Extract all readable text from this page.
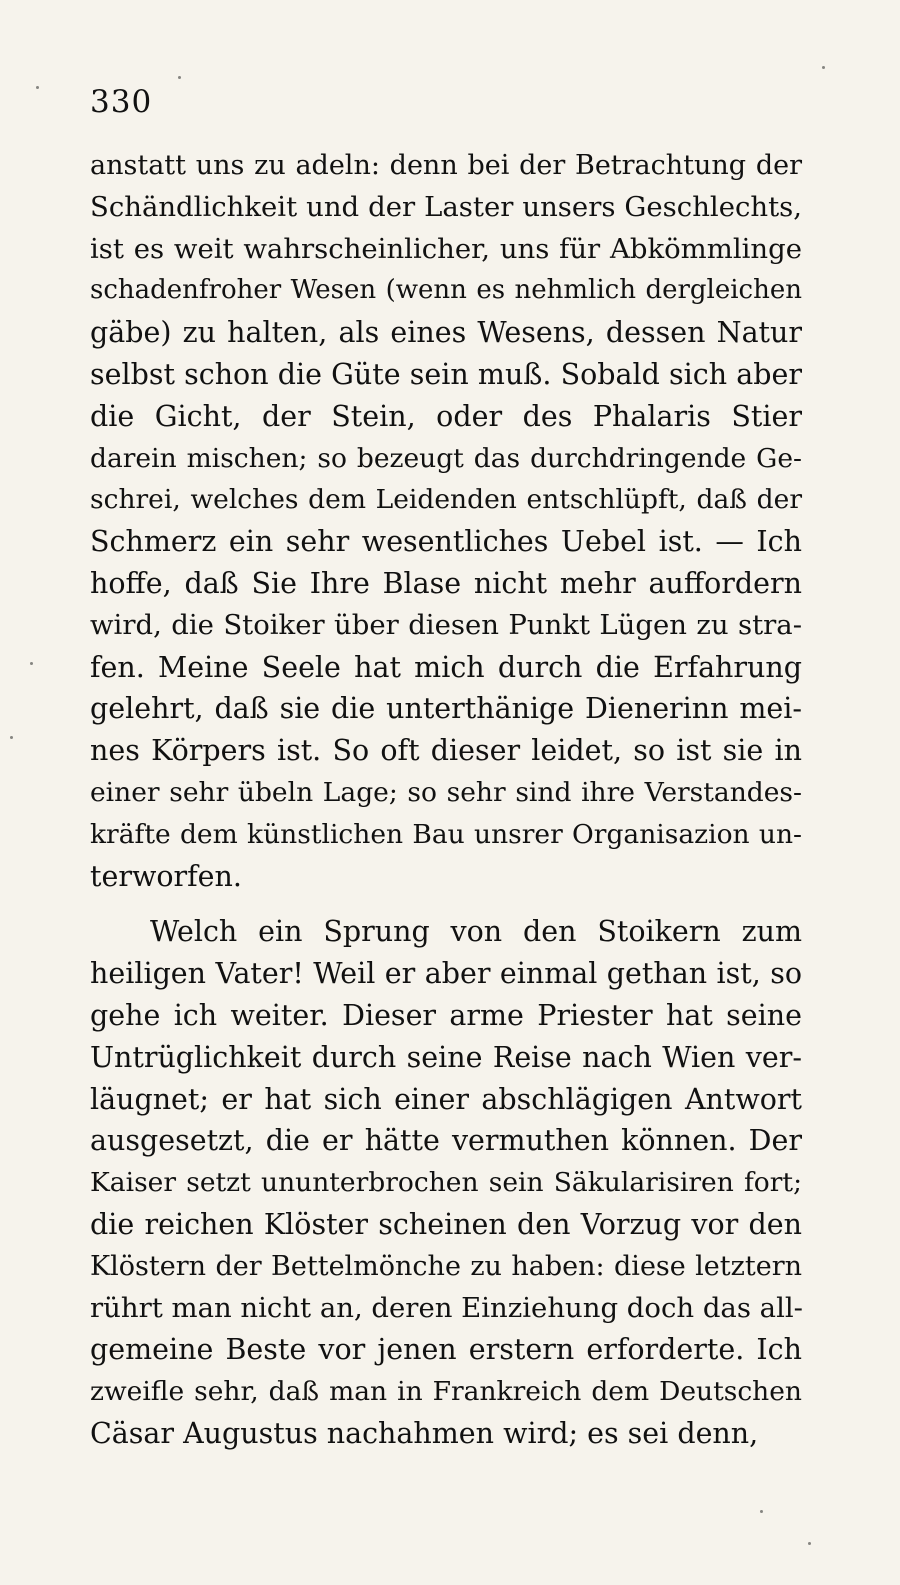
330
anstatt uns zu adeln: denn bei der Betrachtung der
Schändlichkeit und der Laster unsers Geschlechts,
ist es weit wahrscheinlicher, uns für Abkömmlinge
schadenfroher Wesen (wenn es nehmlich dergleichen
gäbe) zu halten, als eines Wesens, dessen Natur
selbst schon die Güte sein muß. Sobald sich aber
die Gicht, der Stein, oder des Phalaris Stier
darein mischen; so bezeugt das durchdringende Ge-
schrei, welches dem Leidenden entschlüpft, daß der
Schmerz ein sehr wesentliches Uebel ist. — Ich
hoffe, daß Sie Ihre Blase nicht mehr auffordern
wird, die Stoiker über diesen Punkt Lügen zu stra-
fen. Meine Seele hat mich durch die Erfahrung
gelehrt, daß sie die unterthänige Dienerinn mei-
nes Körpers ist. So oft dieser leidet, so ist sie in
einer sehr übeln Lage; so sehr sind ihre Verstandes-
kräfte dem künstlichen Bau unsrer Organisazion un-
terworfen.
Welch ein Sprung von den Stoikern zum
heiligen Vater! Weil er aber einmal gethan ist, so
gehe ich weiter. Dieser arme Priester hat seine
Untrüglichkeit durch seine Reise nach Wien ver-
läugnet; er hat sich einer abschlägigen Antwort
ausgesetzt, die er hätte vermuthen können. Der
Kaiser setzt ununterbrochen sein Säkularisiren fort;
die reichen Klöster scheinen den Vorzug vor den
Klöstern der Bettelmönche zu haben: diese letztern
rührt man nicht an, deren Einziehung doch das all-
gemeine Beste vor jenen erstern erforderte. Ich
zweifle sehr, daß man in Frankreich dem Deutschen
Cäsar Augustus nachahmen wird; es sei denn,
